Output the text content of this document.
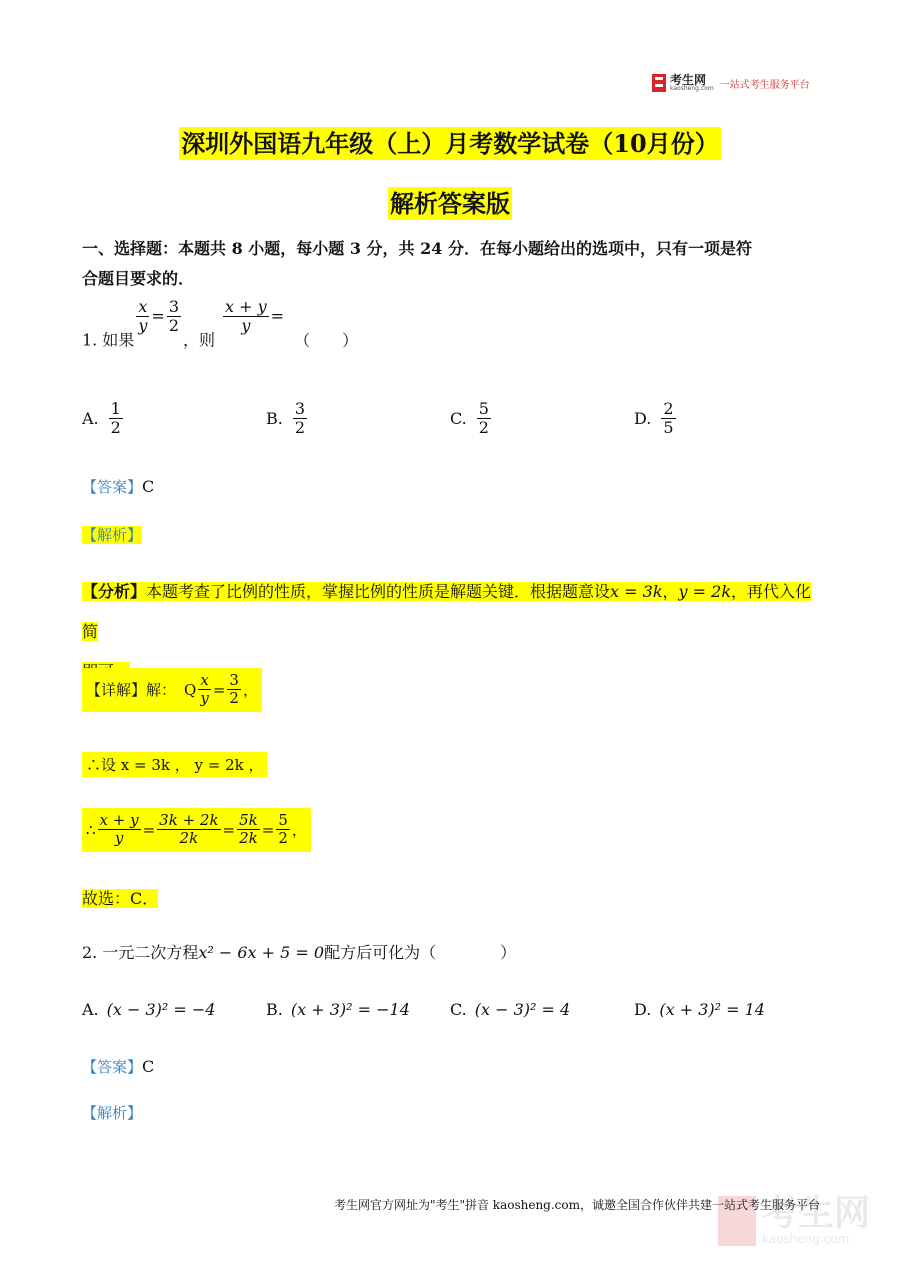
考生网
kaosheng.com 一站式考生服务平台
深圳外国语九年级（上）月考数学试卷（10月份）
解析答案版
一、选择题：本题共 8 小题，每小题 3 分，共 24 分．在每小题给出的选项中，只有一项是符
合题目要求的．
1. 如果
$\frac{x}{y} = \frac{3}{2}$
，则
$\frac{x + y}{y}$ =（　　）
A. $\frac{1}{2}$	B. $\frac{3}{2}$	C. $\frac{5}{2}$	D. $\frac{2}{5}$
【答案】C
【解析】
【分析】本题考查了比例的性质，掌握比例的性质是解题关键．根据题意设x = 3k，y = 2k，再代入化简

【详解】 解： Q $\frac{x}{y} = \frac{3}{2}$ ，
∴设 x = 3k ， y = 2k ，
∴ $\frac{x + y}{y} = \frac{3k + 2k}{2k} = \frac{5k}{2k} = \frac{5}{2}$ ，
故选：C．
2. 一元二次方程x² − 6x + 5 = 0配方后可化为（　　　　）
A. (x − 3)² = −4	B. (x + 3)² = −14	C. (x − 3)² = 4	D. (x + 3)² = 14
【答案】C
【解析】
考生网
kaosheng.com
考生网官方网址为"考生"拼音 kaosheng.com，诚邀全国合作伙伴共建一站式考生服务平台
